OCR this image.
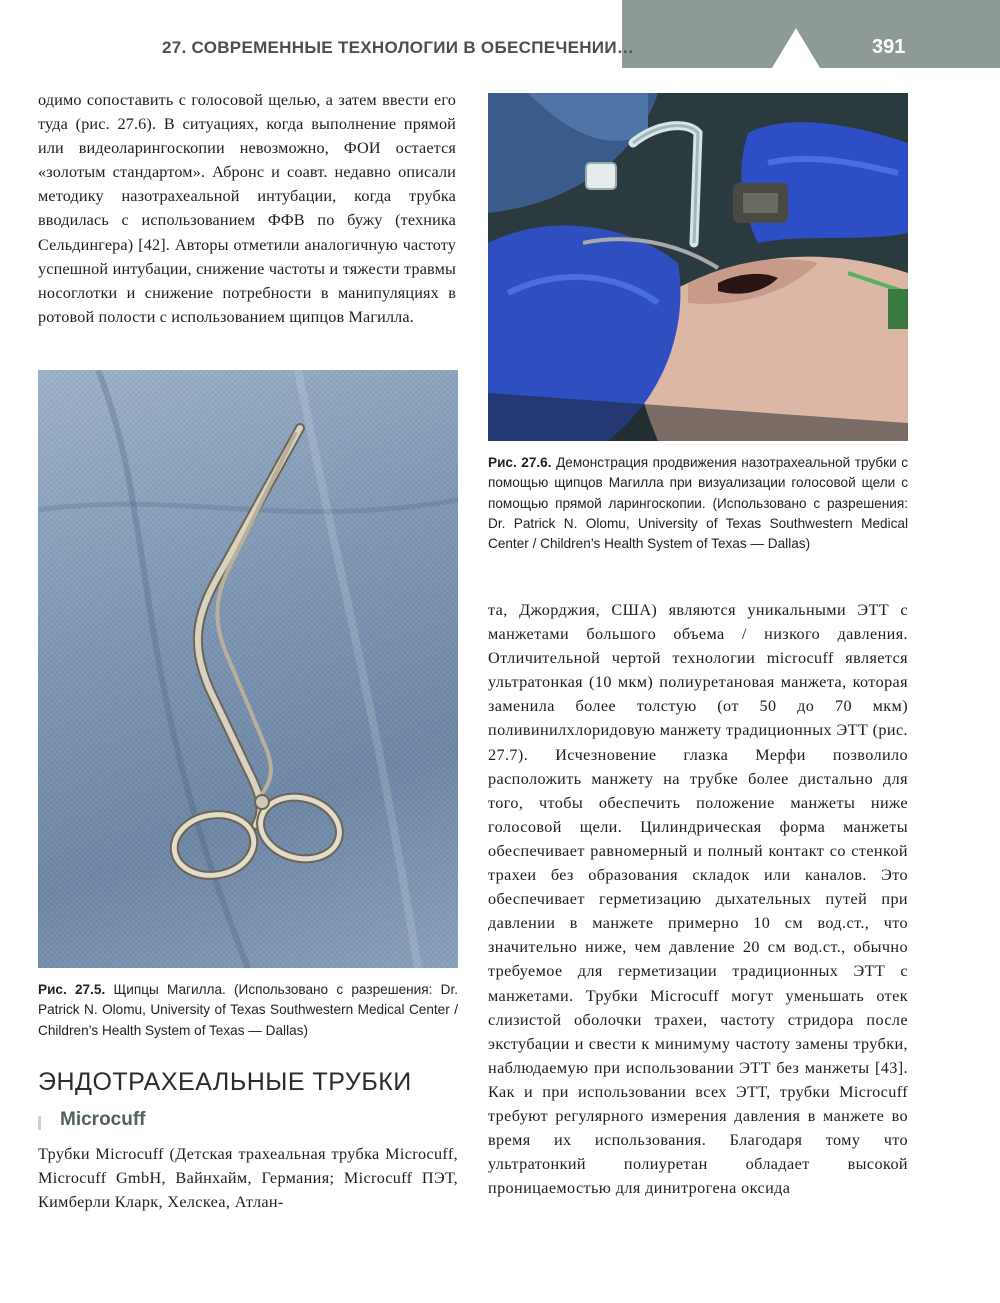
27. СОВРЕМЕННЫЕ ТЕХНОЛОГИИ В ОБЕСПЕЧЕНИИ…	391

одимо сопоставить с голосовой щелью, а затем ввести его туда (рис. 27.6). В ситуациях, когда выполнение прямой или видеоларингоскопии невозможно, ФОИ остается «золотым стандартом». Абронс и соавт. недавно описали методику назотрахеальной интубации, когда трубка вводилась с использованием ФФВ по бужу (техника Сельдингера) [42]. Авторы отметили аналогичную частоту успешной интубации, снижение частоты и тяжести травмы носоглотки и снижение потребности в манипуляциях в ротовой полости с использованием щипцов Магилла.

Рис. 27.5. Щипцы Магилла. (Использовано с разрешения: Dr. Patrick N. Olomu, University of Texas Southwestern Medical Center / Children’s Health System of Texas — Dallas)
Рис. 27.6. Демонстрация продвижения назотрахеальной трубки с помощью щипцов Магилла при визуализации голосовой щели с помощью прямой ларингоскопии. (Использовано с разрешения: Dr. Patrick N. Olomu, University of Texas Southwestern Medical Center / Children’s Health System of Texas — Dallas)

та, Джорджия, США) являются уникальными ЭТТ с манжетами большого объема / низкого давления. Отличительной чертой технологии microcuff является ультратонкая (10 мкм) полиуретановая манжета, которая заменила более толстую (от 50 до 70 мкм) поливинилхлоридовую манжету традиционных ЭТТ (рис. 27.7). Исчезновение глазка Мерфи позволило расположить манжету на трубке более дистально для того, чтобы обеспечить положение манжеты ниже голосовой щели. Цилиндрическая форма манжеты обеспечивает равномерный и полный контакт со стенкой трахеи без образования складок или каналов. Это обеспечивает герметизацию дыхательных путей при давлении в манжете примерно 10 см вод.ст., что значительно ниже, чем давление 20 см вод.ст., обычно требуемое для герметизации традиционных ЭТТ с манжетами. Трубки Microcuff могут уменьшать отек слизистой оболочки трахеи, частоту стридора после экстубации и свести к минимуму частоту замены трубки, наблюдаемую при использовании ЭТТ без манжеты [43]. Как и при использовании всех ЭТТ, трубки Microcuff требуют регулярного измерения давления в манжете во время их использования. Благодаря тому что ультратонкий полиуретан обладает высокой проницаемостью для динитрогена оксида

ЭНДОТРАХЕАЛЬНЫЕ ТРУБКИ
Microcuff

Трубки Microcuff (Детская трахеальная трубка Microcuff, Microcuff GmbH, Вайнхайм, Германия; Microcuff ПЭТ, Кимберли Кларк, Хелскеа, Атлан-
